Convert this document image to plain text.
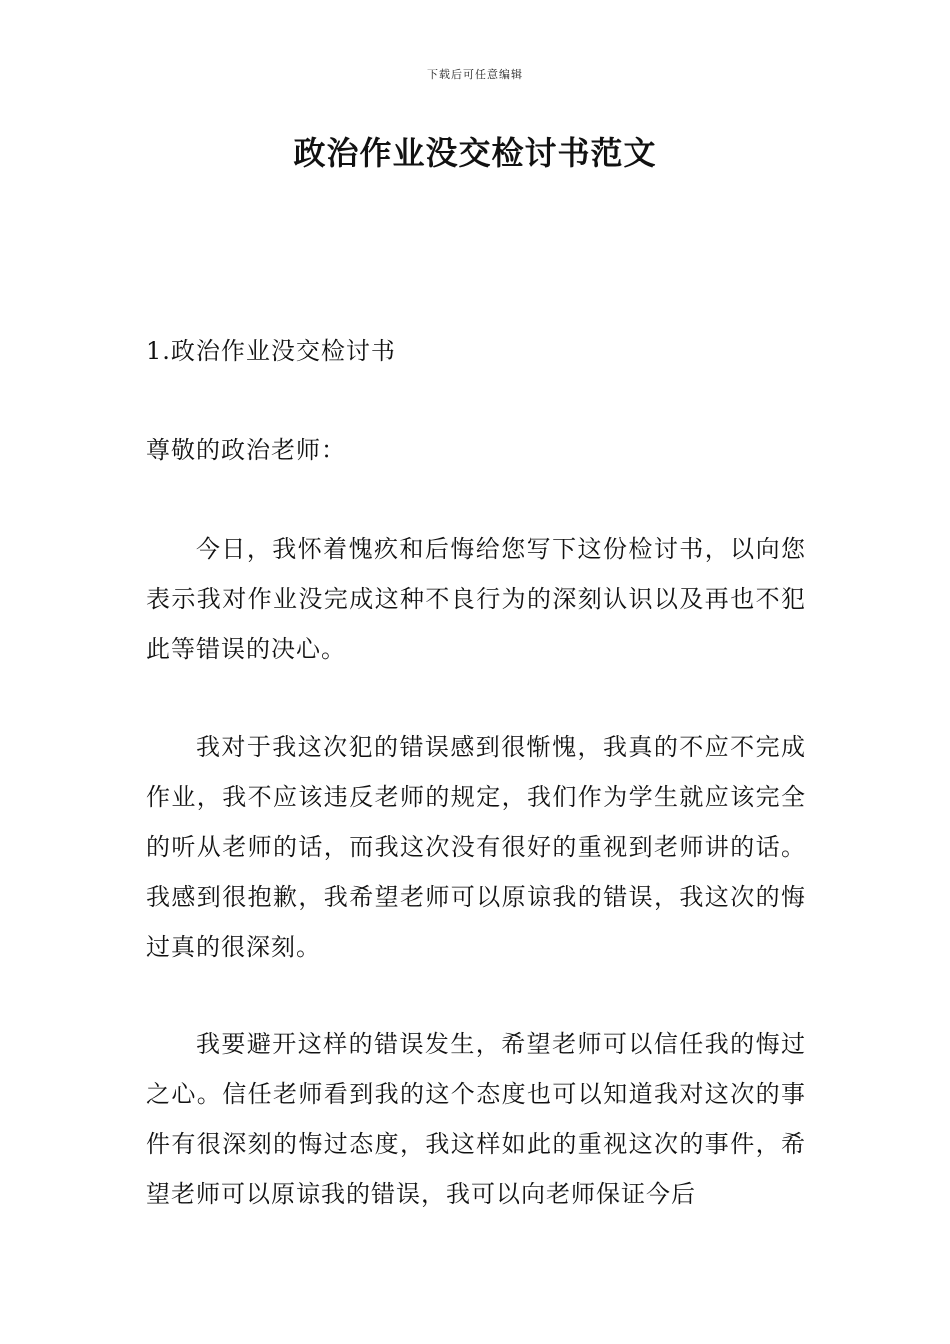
下载后可任意编辑
政治作业没交检讨书范文

1.政治作业没交检讨书

尊敬的政治老师：

今日，我怀着愧疚和后悔给您写下这份检讨书，以向您表示我对作业没完成这种不良行为的深刻认识以及再也不犯此等错误的决心。

我对于我这次犯的错误感到很惭愧，我真的不应不完成作业，我不应该违反老师的规定，我们作为学生就应该完全的听从老师的话，而我这次没有很好的重视到老师讲的话。我感到很抱歉，我希望老师可以原谅我的错误，我这次的悔过真的很深刻。

我要避开这样的错误发生，希望老师可以信任我的悔过之心。信任老师看到我的这个态度也可以知道我对这次的事件有很深刻的悔过态度，我这样如此的重视这次的事件，希望老师可以原谅我的错误，我可以向老师保证今后
